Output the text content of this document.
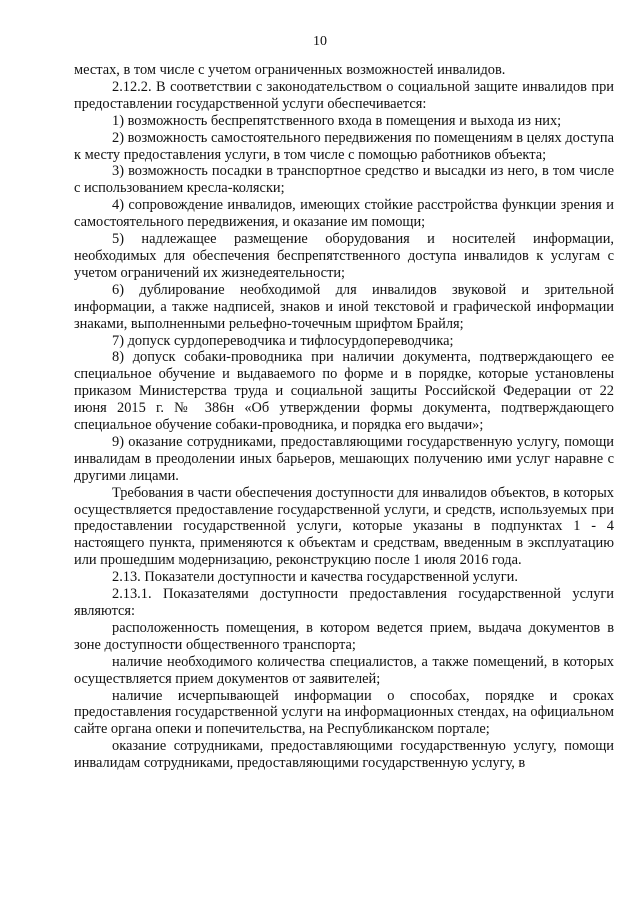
10

местах, в том числе с учетом ограниченных возможностей инвалидов.

2.12.2. В соответствии с законодательством о социальной защите инвалидов при предоставлении государственной услуги обеспечивается:

1) возможность беспрепятственного входа в помещения и выхода из них;

2) возможность самостоятельного передвижения по помещениям в целях доступа к месту предоставления услуги, в том числе с помощью работников объекта;

3) возможность посадки в транспортное средство и высадки из него, в том числе с использованием кресла-коляски;

4) сопровождение инвалидов, имеющих стойкие расстройства функции зрения и самостоятельного передвижения, и оказание им помощи;

5) надлежащее размещение оборудования и носителей информации, необходимых для обеспечения беспрепятственного доступа инвалидов к услугам с учетом ограничений их жизнедеятельности;

6) дублирование необходимой для инвалидов звуковой и зрительной информации, а также надписей, знаков и иной текстовой и графической информации знаками, выполненными рельефно-точечным шрифтом Брайля;

7) допуск сурдопереводчика и тифлосурдопереводчика;

8) допуск собаки-проводника при наличии документа, подтверждающего ее специальное обучение и выдаваемого по форме и в порядке, которые установлены приказом Министерства труда и социальной защиты Российской Федерации от 22 июня 2015 г. № 386н «Об утверждении формы документа, подтверждающего специальное обучение собаки-проводника, и порядка его выдачи»;

9) оказание сотрудниками, предоставляющими государственную услугу, помощи инвалидам в преодолении иных барьеров, мешающих получению ими услуг наравне с другими лицами.

Требования в части обеспечения доступности для инвалидов объектов, в которых осуществляется предоставление государственной услуги, и средств, используемых при предоставлении государственной услуги, которые указаны в подпунктах 1 - 4 настоящего пункта, применяются к объектам и средствам, введенным в эксплуатацию или прошедшим модернизацию, реконструкцию после 1 июля 2016 года.

2.13. Показатели доступности и качества государственной услуги.

2.13.1. Показателями доступности предоставления государственной услуги являются:

расположенность помещения, в котором ведется прием, выдача документов в зоне доступности общественного транспорта;

наличие необходимого количества специалистов, а также помещений, в которых осуществляется прием документов от заявителей;

наличие исчерпывающей информации о способах, порядке и сроках предоставления государственной услуги на информационных стендах, на официальном сайте органа опеки и попечительства, на Республиканском портале;

оказание сотрудниками, предоставляющими государственную услугу, помощи инвалидам сотрудниками, предоставляющими государственную услугу, в
